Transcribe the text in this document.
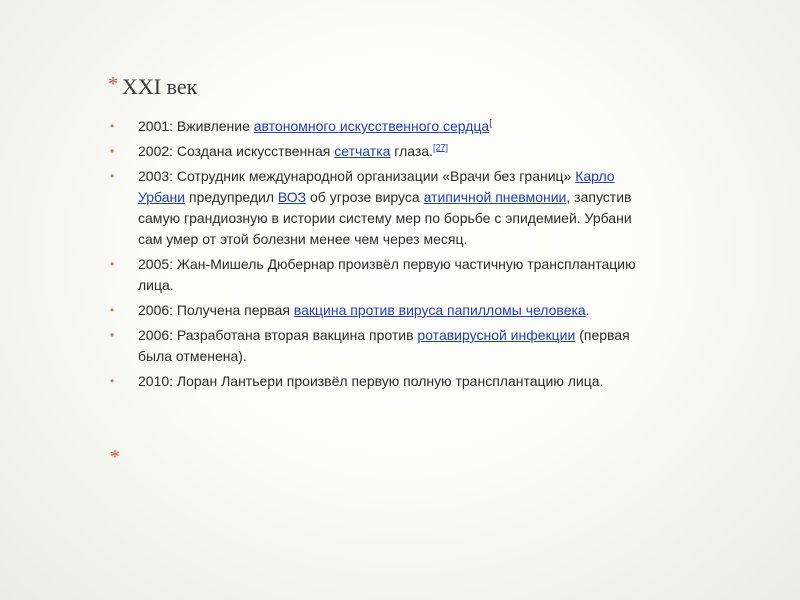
* XXI век
• 2001: Вживление автономного искусственного сердца[
• 2002: Создана искусственная сетчатка глаза.[27]
• 2003: Сотрудник международной организации «Врачи без границ» Карло Урбани предупредил ВОЗ об угрозе вируса атипичной пневмонии, запустив самую грандиозную в истории систему мер по борьбе с эпидемией. Урбани сам умер от этой болезни менее чем через месяц.
• 2005: Жан-Мишель Дюбернар произвёл первую частичную трансплантацию лица.
• 2006: Получена первая вакцина против вируса папилломы человека.
• 2006: Разработана вторая вакцина против ротавирусной инфекции (первая была отменена).
• 2010: Лоран Лантьери произвёл первую полную трансплантацию лица.
*
